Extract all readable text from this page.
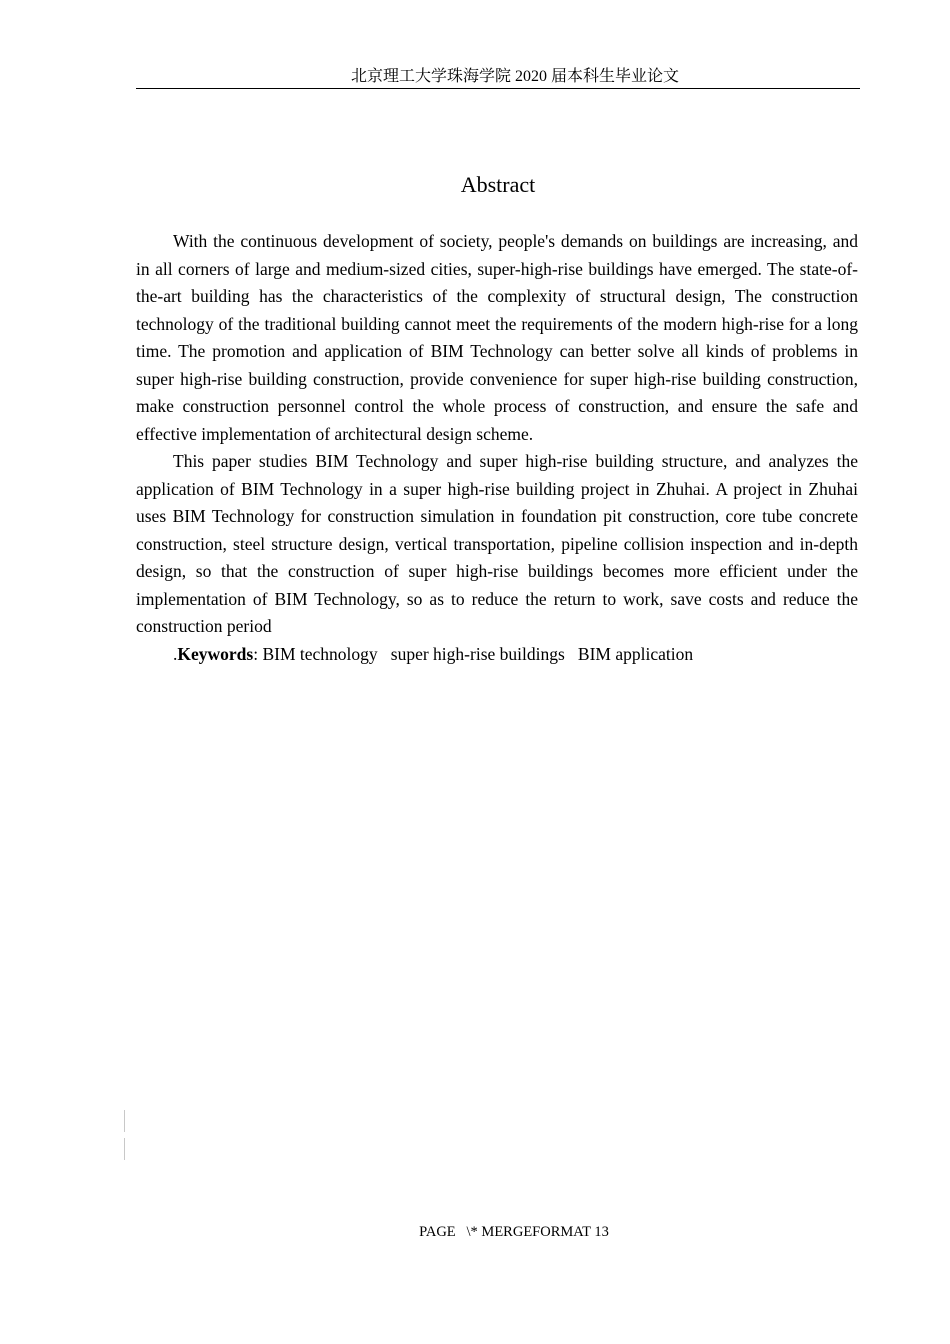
北京理工大学珠海学院 2020 届本科生毕业论文
Abstract

With the continuous development of society, people's demands on buildings are increasing, and in all corners of large and medium-sized cities, super-high-rise buildings have emerged. The state-of-the-art building has the characteristics of the complexity of structural design, The construction technology of the traditional building cannot meet the requirements of the modern high-rise for a long time. The promotion and application of BIM Technology can better solve all kinds of problems in super high-rise building construction, provide convenience for super high-rise building construction, make construction personnel control the whole process of construction, and ensure the safe and effective implementation of architectural design scheme.

This paper studies BIM Technology and super high-rise building structure, and analyzes the application of BIM Technology in a super high-rise building project in Zhuhai. A project in Zhuhai uses BIM Technology for construction simulation in foundation pit construction, core tube concrete construction, steel structure design, vertical transportation, pipeline collision inspection and in-depth design, so that the construction of super high-rise buildings becomes more efficient under the implementation of BIM Technology, so as to reduce the return to work, save costs and reduce the construction period

.Keywords: BIM technology super high-rise buildings BIM application

PAGE   \* MERGEFORMAT 13
